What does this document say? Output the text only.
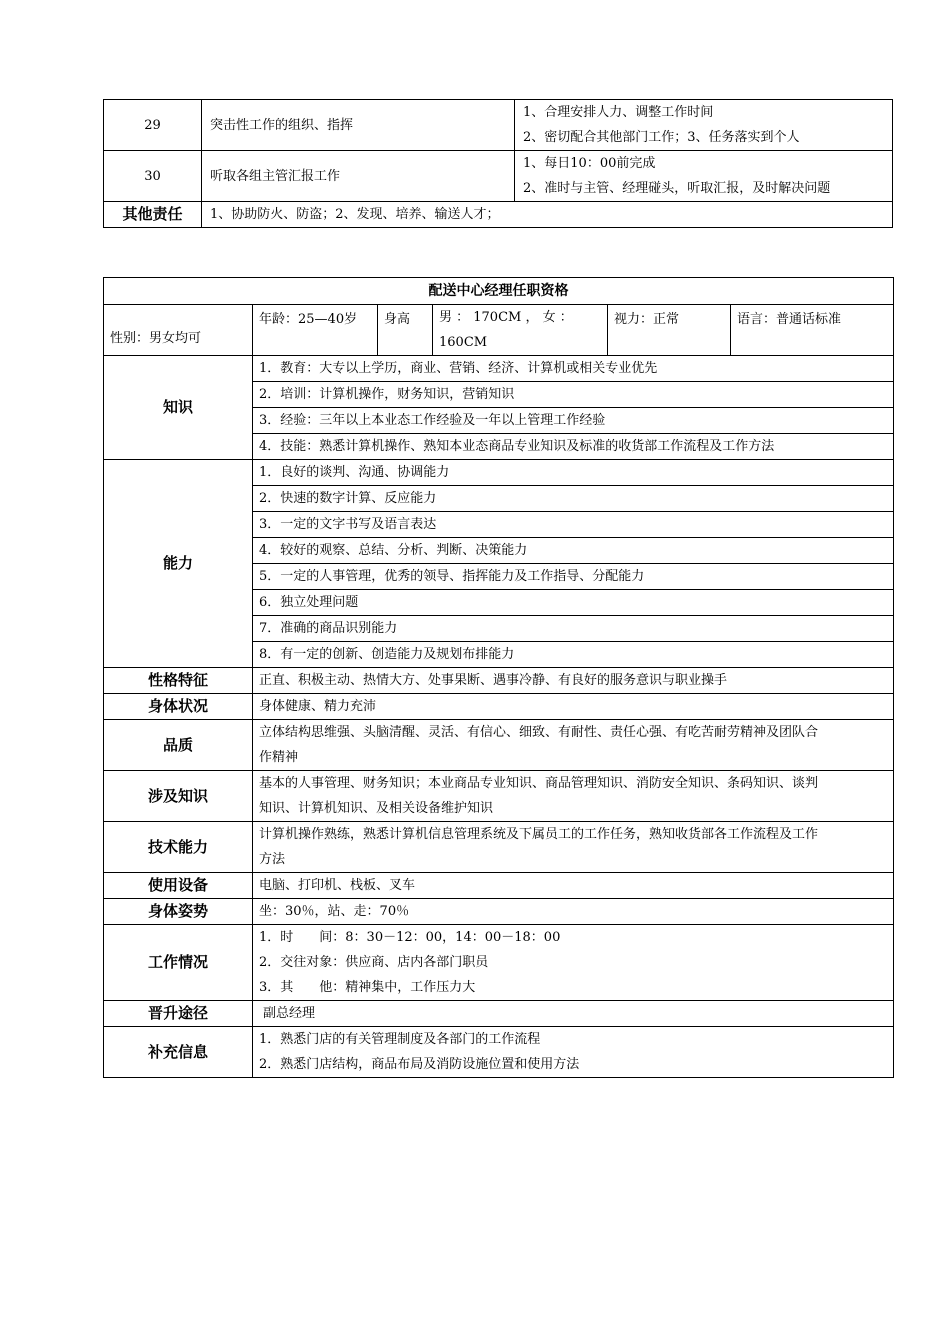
29	突击性工作的组织、指挥	1、合理安排人力、调整工作时间
2、密切配合其他部门工作；3、任务落实到个人

30	听取各组主管汇报工作	1、每日10：00前完成
2、准时与主管、经理碰头，听取汇报，及时解决问题

其他责任	1、协助防火、防盗；2、发现、培养、输送人才；	
配送中心经理任职资格					
性别：男女均可	年龄：25—40岁	身高	男 ： 170CM ， 女 ：
160CM	视力：正常	语言：普通话标准
知识	1．教育：大专以上学历，商业、营销、经济、计算机或相关专业优先				
	2．培训：计算机操作，财务知识，营销知识				
	3．经验：三年以上本业态工作经验及一年以上管理工作经验				
	4．技能：熟悉计算机操作、熟知本业态商品专业知识及标准的收货部工作流程及工作方法				
能力	1．良好的谈判、沟通、协调能力				
	2．快速的数字计算、反应能力				
	3．一定的文字书写及语言表达				
	4．较好的观察、总结、分析、判断、决策能力				
	5．一定的人事管理，优秀的领导、指挥能力及工作指导、分配能力				
	6．独立处理问题				
	7．准确的商品识别能力				
	8．有一定的创新、创造能力及规划布排能力				
性格特征	正直、积极主动、热情大方、处事果断、遇事冷静、有良好的服务意识与职业操手				
身体状况	身体健康、精力充沛				
品质	立体结构思维强、头脑清醒、灵活、有信心、细致、有耐性、责任心强、有吃苦耐劳精神及团队合
作精神				

涉及知识	基本的人事管理、财务知识；本业商品专业知识、商品管理知识、消防安全知识、条码知识、谈判
知识、计算机知识、及相关设备维护知识				

技术能力	计算机操作熟练，熟悉计算机信息管理系统及下属员工的工作任务，熟知收货部各工作流程及工作
方法				

使用设备	电脑、打印机、栈板、叉车				
身体姿势	坐：30％，站、走：70％				
工作情况	1．时　　间：8：30－12：00，14：00－18：00
2．交往对象：供应商、店内各部门职员
3．其　　他：精神集中，工作压力大				

晋升途径	副总经理				
补充信息	1．熟悉门店的有关管理制度及各部门的工作流程
2．熟悉门店结构，商品布局及消防设施位置和使用方法				
